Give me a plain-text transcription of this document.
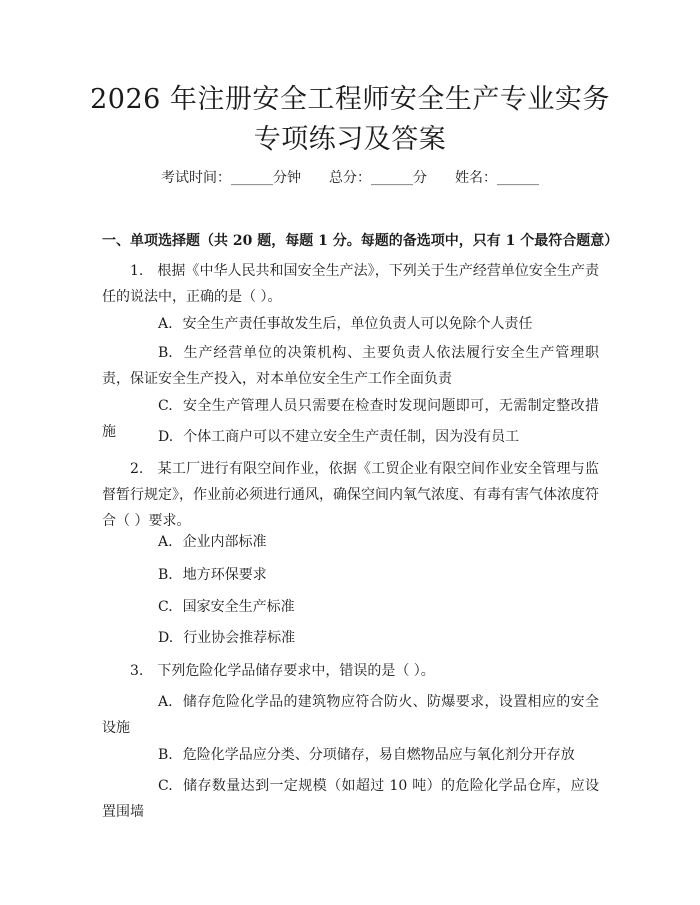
2026 年注册安全工程师安全生产专业实务专项练习及答案
考试时间：______分钟　　总分：______分　　姓名：______
一、单项选择题（共 20 题，每题 1 分。每题的备选项中，只有 1 个最符合题意）

1. 根据《中华人民共和国安全生产法》，下列关于生产经营单位安全生产责任的说法中，正确的是（ ）。

A. 安全生产责任事故发生后，单位负责人可以免除个人责任

B. 生产经营单位的决策机构、主要负责人依法履行安全生产管理职责，保证安全生产投入，对本单位安全生产工作全面负责

C. 安全生产管理人员只需要在检查时发现问题即可，无需制定整改措施	D. 个体工商户可以不建立安全生产责任制，因为没有员工

2. 某工厂进行有限空间作业，依据《工贸企业有限空间作业安全管理与监督暂行规定》，作业前必须进行通风，确保空间内氧气浓度、有毒有害气体浓度符合（ ）要求。

A. 企业内部标准

B. 地方环保要求

C. 国家安全生产标准

D. 行业协会推荐标准

3. 下列危险化学品储存要求中，错误的是（ ）。

A. 储存危险化学品的建筑物应符合防火、防爆要求，设置相应的安全设施

B. 危险化学品应分类、分项储存，易自燃物品应与氧化剂分开存放

C. 储存数量达到一定规模（如超过 10 吨）的危险化学品仓库，应设置围墙
